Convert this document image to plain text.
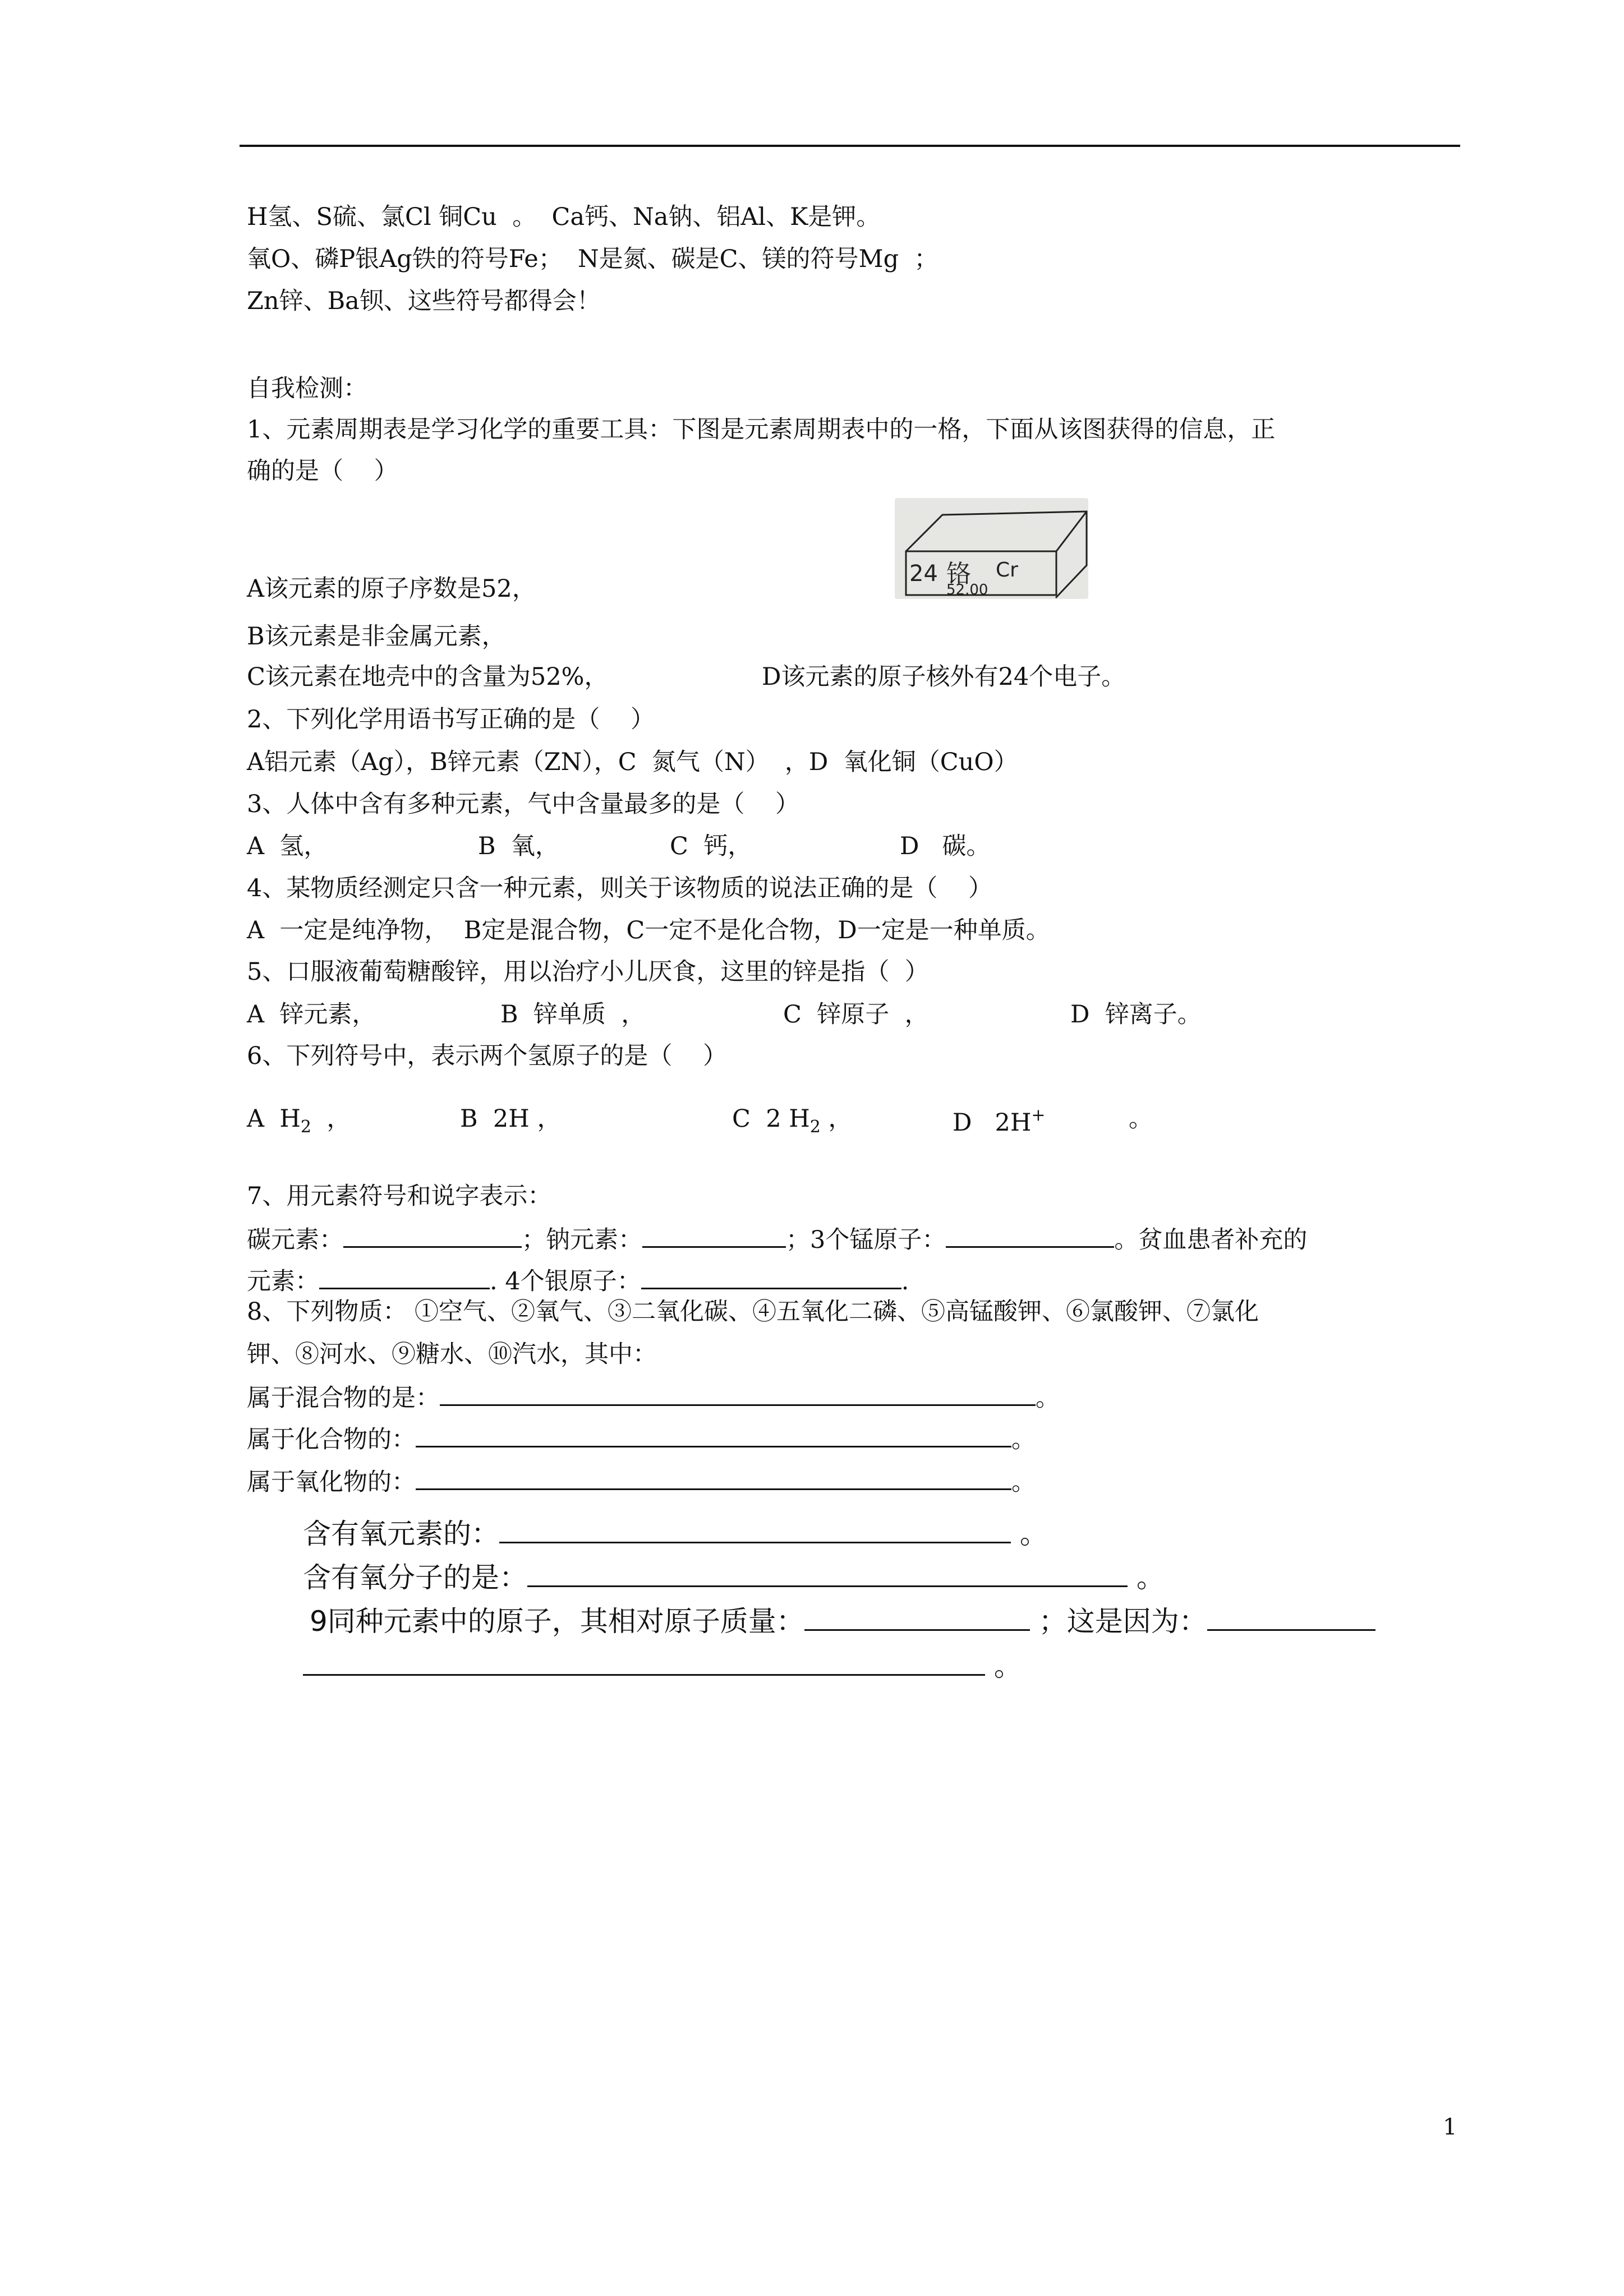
H氢、S硫、氯Cl 铜Cu  。  Ca钙、Na钠、铝Al、K是钾。
氧O、磷P银Ag铁的符号Fe；  N是氮、碳是C、镁的符号Mg  ；
Zn锌、Ba钡、这些符号都得会！
自我检测：
1、元素周期表是学习化学的重要工具：下图是元素周期表中的一格，下面从该图获得的信息，正
确的是（    ）
24 铬 Cr
52.00
A该元素的原子序数是52，
B该元素是非金属元素，
C该元素在地壳中的含量为52%，	D该元素的原子核外有24个电子。
2、下列化学用语书写正确的是（    ）
A铝元素（Ag），B锌元素（ZN），C  氮气（N）  ，D  氧化铜（CuO）
3、人体中含有多种元素，气中含量最多的是（    ）
A  氢，	B  氧，	C  钙，	D   碳。
4、某物质经测定只含一种元素，则关于该物质的说法正确的是（    ）
A  一定是纯净物，  B定是混合物，C一定不是化合物，D一定是一种单质。
5、口服液葡萄糖酸锌，用以治疗小儿厌食，这里的锌是指（  ）
A  锌元素，	B  锌单质  ，	C  锌原子  ，	D  锌离子。
6、下列符号中，表示两个氢原子的是（    ）
A  $H_2$  ，	B  2H ，	C  2 $H_2$ ，	D   2H+	。
7、用元素符号和说字表示：
碳元素：	；钠元素：	；3个锰原子：	。贫血患者补充的
元素：	. 4个银原子：	.
8、下列物质： ①空气、②氧气、③二氧化碳、④五氧化二磷、⑤高锰酸钾、⑥氯酸钾、⑦氯化
钾、⑧河水、⑨糖水、⑩汽水，其中：
属于混合物的是：	。
属于化合物的：	。
属于氧化物的：	。
含有氧元素的：	。
含有氧分子的是：	。
9同种元素中的原子，其相对原子质量：	；这是因为：
。
1
